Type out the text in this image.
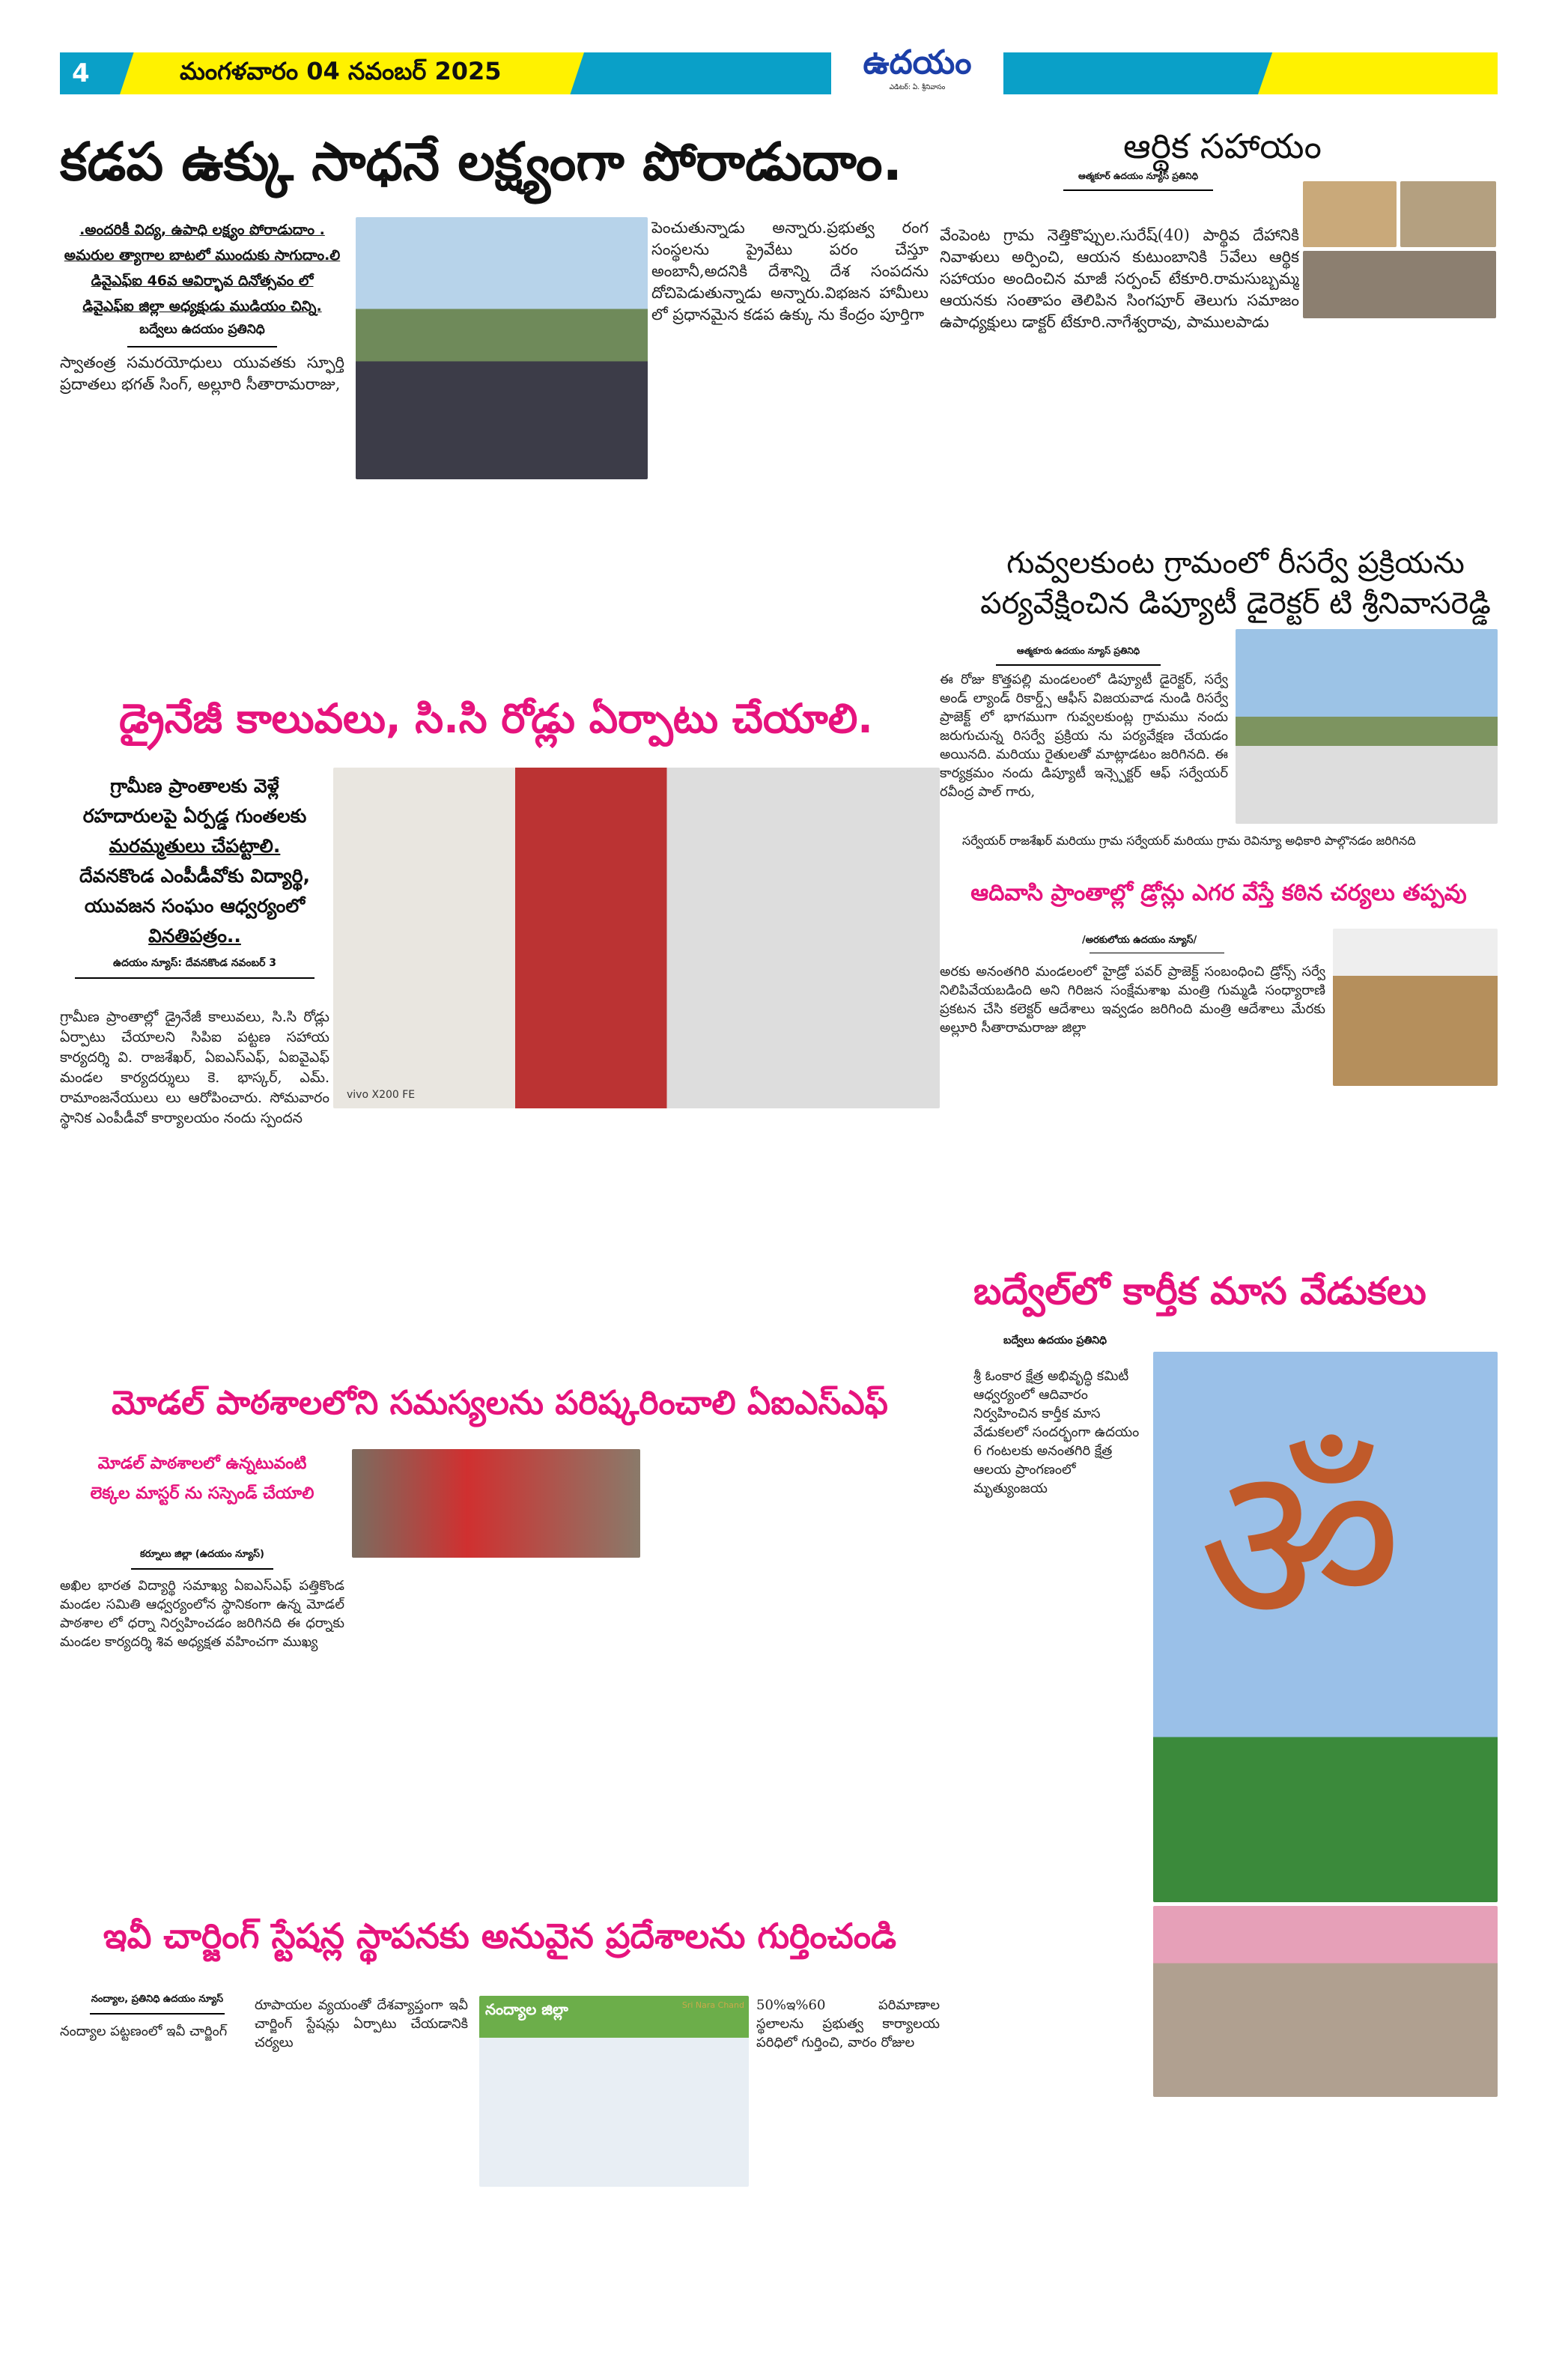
4	మంగళవారం 04 నవంబర్ 2025	ఉదయం
ఎడిటర్: ఏ. శ్రీనివాసం
కడప ఉక్కు సాధనే లక్ష్యంగా పోరాడుదాం.
.అందరికీ విద్య, ఉపాధి లక్ష్యం పోరాడుదాం .
అమరుల త్యాగాల బాటలో ముందుకు సాగుదాం.లి
డివైఎఫ్ఐ 46వ ఆవిర్భావ దినోత్సవం లో
డివైఎఫ్ఐ జిల్లా అధ్యక్షుడు ముడియం చిన్ని.
బద్వేలు ఉదయం ప్రతినిధి
స్వాతంత్ర సమరయోధులు యువతకు స్ఫూర్తి ప్రదాతలు భగత్ సింగ్, అల్లూరి సీతారామరాజు,
పెంచుతున్నాడు అన్నారు.ప్రభుత్వ రంగ సంస్థలను ప్రైవేటు పరం చేస్తూ అంబానీ,అదనికి దేశాన్ని దేశ సంపదను దోచిపెడుతున్నాడు అన్నారు.విభజన హామీలు లో ప్రధానమైన కడప ఉక్కు ను కేంద్రం పూర్తిగా
ఆర్థిక సహాయం
ఆత్మకూర్ ఉదయం న్యూస్ ప్రతినిధి
వేంపెంట గ్రామ నెత్తికొప్పుల.సురేష్(40) పార్థివ దేహానికి నివాళులు అర్పించి, ఆయన కుటుంబానికి 5వేలు ఆర్థిక సహాయం అందించిన మాజీ సర్పంచ్ టేకూరి.రామసుబ్బమ్మ ఆయనకు సంతాపం తెలిపిన సింగపూర్ తెలుగు సమాజం ఉపాధ్యక్షులు డాక్టర్ టేకూరి.నాగేశ్వరావు, పాములపాడు
గువ్వలకుంట గ్రామంలో రీసర్వే ప్రక్రియను పర్యవేక్షించిన డిప్యూటీ డైరెక్టర్ టి శ్రీనివాసరెడ్డి
ఆత్మకూరు ఉదయం న్యూస్ ప్రతినిధి
ఈ రోజు కొత్తపల్లి మండలంలో డిప్యూటీ డైరెక్టర్, సర్వే అండ్ ల్యాండ్ రికార్డ్స్ ఆఫీస్ విజయవాడ నుండి రిసర్వే ప్రాజెక్ట్ లో భాగముగా గువ్వలకుంట్ల గ్రామము నందు జరుగుచున్న రిసర్వే ప్రక్రియ ను పర్యవేక్షణ చేయడం అయినది. మరియు రైతులతో మాట్లాడటం జరిగినది. ఈ కార్యక్రమం నందు డిప్యూటీ ఇన్స్పెక్టర్ ఆఫ్ సర్వేయర్ రవీంద్ర పాల్ గారు,
సర్వేయర్ రాజశేఖర్ మరియు గ్రామ సర్వేయర్ మరియు గ్రామ రెవిన్యూ అధికారి పాల్గొనడం జరిగినది
డ్రైనేజీ కాలువలు, సి.సి రోడ్లు ఏర్పాటు చేయాలి.
గ్రామీణ ప్రాంతాలకు వెళ్లే
రహదారులపై ఏర్పడ్డ గుంతలకు
మరమ్మతులు చేపట్టాలి.
దేవనకొండ ఎంపీడీవోకు విద్యార్థి,
యువజన సంఘం ఆధ్వర్యంలో
వినతిపత్రం..
ఉదయం న్యూస్: దేవనకొండ నవంబర్ 3
గ్రామీణ ప్రాంతాల్లో డ్రైనేజీ కాలువలు, సి.సి రోడ్లు ఏర్పాటు చేయాలని సిపిఐ పట్టణ సహాయ కార్యదర్శి వి. రాజశేఖర్, ఏఐఎస్ఎఫ్, ఏఐవైఎఫ్ మండల కార్యదర్శులు కె. భాస్కర్, ఎమ్. రామాంజనేయులు లు ఆరోపించారు. సోమవారం స్థానిక ఎంపీడీవో కార్యాలయం నందు స్పందన
vivo X200 FE
ఆదివాసి ప్రాంతాల్లో డ్రోన్లు ఎగర వేస్తే కఠిన చర్యలు తప్పవు
/అరకులోయ ఉదయం న్యూస్/
అరకు అనంతగిరి మండలంలో హైడ్రో పవర్ ప్రాజెక్ట్ సంబంధించి డ్రోన్స్ సర్వే నిలిపివేయబడింది అని గిరిజన సంక్షేమశాఖ మంత్రి గుమ్మడి సంధ్యారాణి ప్రకటన చేసి కలెక్టర్ ఆదేశాలు ఇవ్వడం జరిగింది మంత్రి ఆదేశాలు మేరకు అల్లూరి సీతారామరాజు జిల్లా
బద్వేల్‌లో కార్తీక మాస వేడుకలు
బద్వేలు ఉదయం ప్రతినిధి
శ్రీ ఓంకార క్షేత్ర అభివృద్ధి కమిటీ ఆధ్వర్యంలో ఆదివారం నిర్వహించిన కార్తీక మాస వేడుకలలో సందర్భంగా ఉదయం 6 గంటలకు అనంతగిరి క్షేత్ర ఆలయ ప్రాంగణంలో మృత్యుంజయ ॐ
మోడల్ పాఠశాలలోని సమస్యలను పరిష్కరించాలి ఏఐఎస్ఎఫ్
మోడల్ పాఠశాలలో ఉన్నటువంటి
లెక్కల మాస్టర్ ను సస్పెండ్ చేయాలి
కర్నూలు జిల్లా (ఉదయం న్యూస్)
అఖిల భారత విద్యార్థి సమాఖ్య ఏఐఎస్ఎఫ్ పత్తికొండ మండల సమితి ఆధ్వర్యంలోన స్థానికంగా ఉన్న మోడల్ పాఠశాల లో ధర్నా నిర్వహించడం జరిగినది ఈ ధర్నాకు మండల కార్యదర్శి శివ అధ్యక్షత వహించగా ముఖ్య
ఇవీ చార్జింగ్ స్టేషన్ల స్థాపనకు అనువైన ప్రదేశాలను గుర్తించండి
నంద్యాల, ప్రతినిధి ఉదయం న్యూస్
నంద్యాల పట్టణంలో ఇవీ చార్జింగ్
రూపాయల వ్యయంతో దేశవ్యాప్తంగా ఇవీ చార్జింగ్ స్టేషన్లు ఏర్పాటు చేయడానికి చర్యలు
నంద్యాల జిల్లా	Sri Nara Chand 50%ఇ%60 పరిమాణాల స్థలాలను ప్రభుత్వ కార్యాలయ పరిధిలో గుర్తించి, వారం రోజుల
